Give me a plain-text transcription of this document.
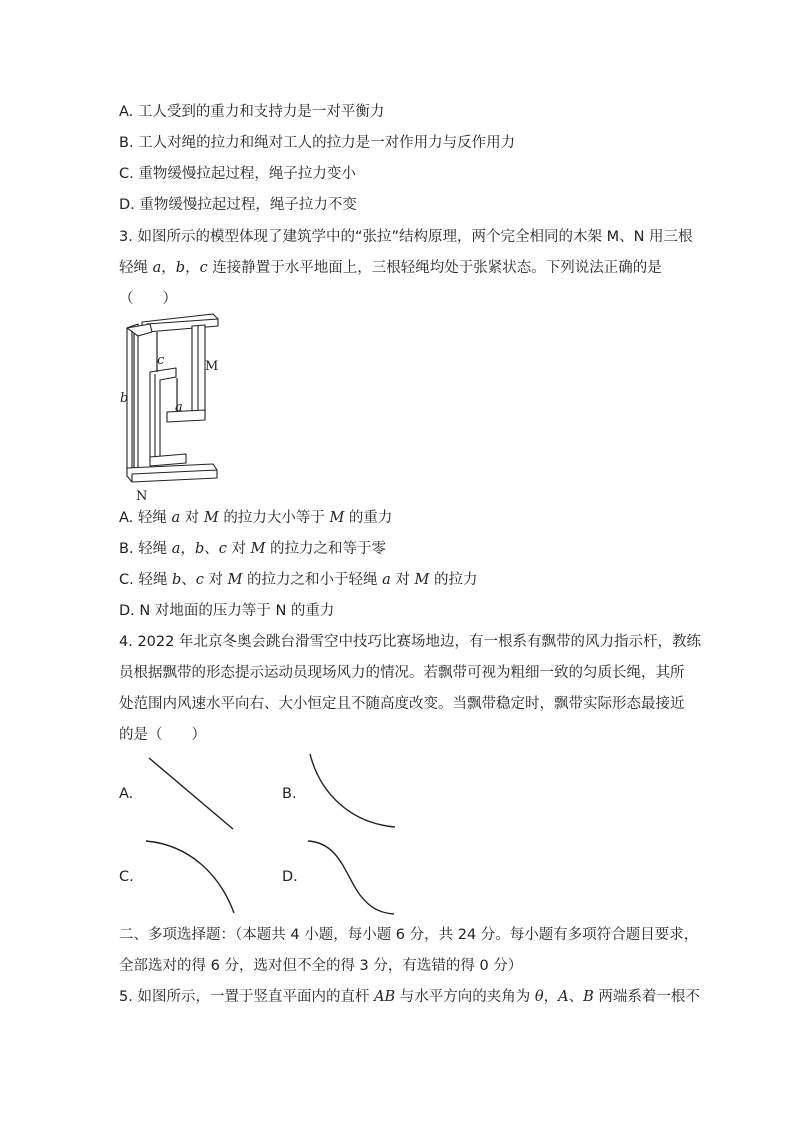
A. 工人受到的重力和支持力是一对平衡力
B. 工人对绳的拉力和绳对工人的拉力是一对作用力与反作用力
C. 重物缓慢拉起过程，绳子拉力变小
D. 重物缓慢拉起过程，绳子拉力不变
3. 如图所示的模型体现了建筑学中的“张拉”结构原理，两个完全相同的木架 M、N 用三根
轻绳 a，b，c 连接静置于水平地面上，三根轻绳均处于张紧状态。下列说法正确的是
（　　）
M
N
a
b
c
A. 轻绳 a 对 M 的拉力大小等于 M 的重力
B. 轻绳 a，b、c 对 M 的拉力之和等于零
C. 轻绳 b、c 对 M 的拉力之和小于轻绳 a 对 M 的拉力
D. N 对地面的压力等于 N 的重力
4. 2022 年北京冬奥会跳台滑雪空中技巧比赛场地边，有一根系有飘带的风力指示杆，教练
员根据飘带的形态提示运动员现场风力的情况。若飘带可视为粗细一致的匀质长绳，其所
处范围内风速水平向右、大小恒定且不随高度改变。当飘带稳定时，飘带实际形态最接近
的是（　　）
A.	B.
C.	D.
二、多项选择题：（本题共 4 小题，每小题 6 分，共 24 分。每小题有多项符合题目要求，
全部选对的得 6 分，选对但不全的得 3 分，有选错的得 0 分）
5. 如图所示，一置于竖直平面内的直杆 AB 与水平方向的夹角为 θ，A、B 两端系着一根不
